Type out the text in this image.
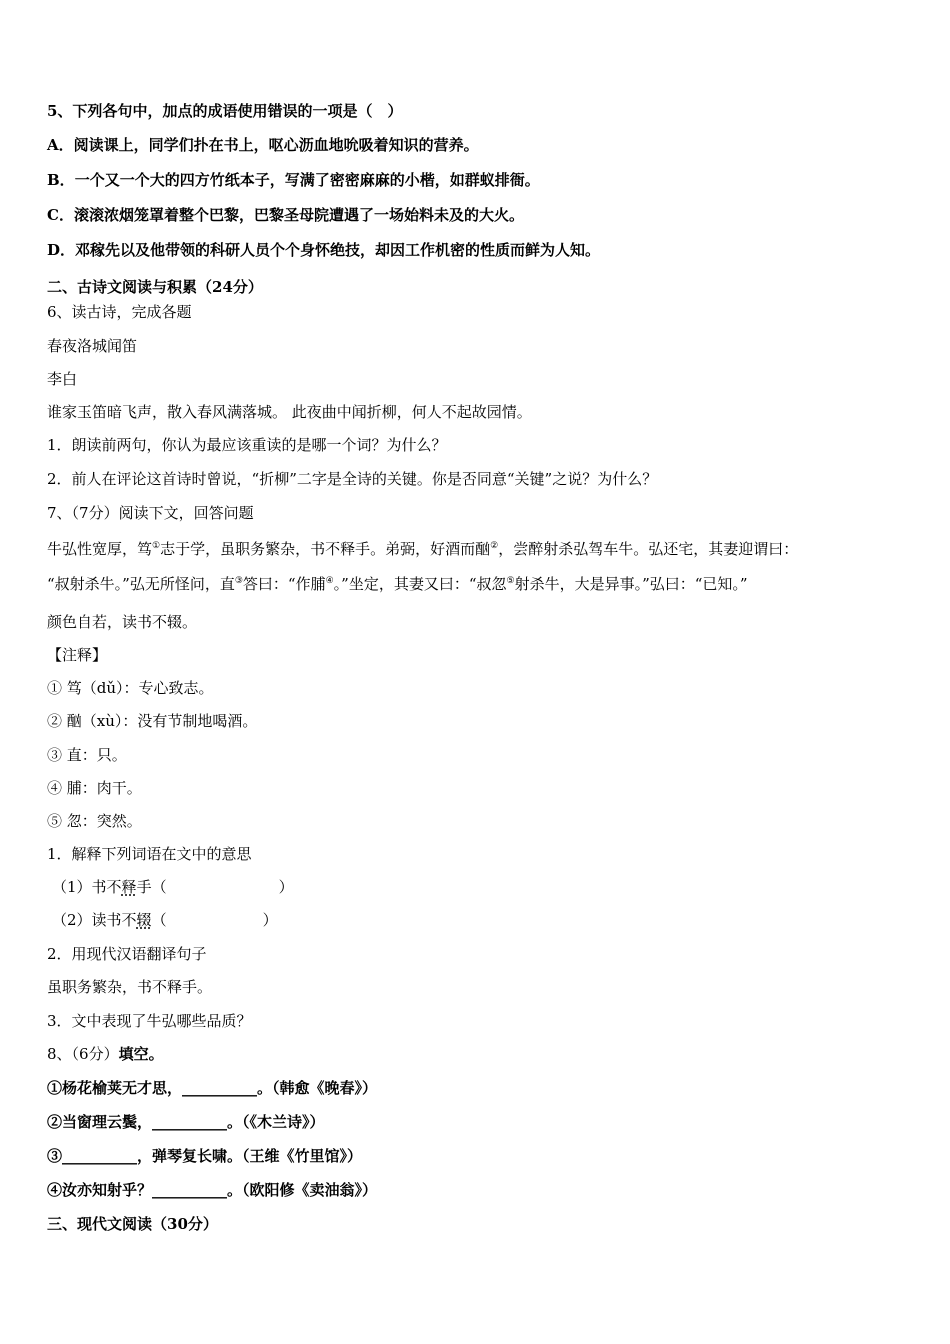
5、下列各句中，加点的成语使用错误的一项是（　）
A．阅读课上，同学们扑在书上，呕心沥血地吮吸着知识的营养。
B．一个又一个大的四方竹纸本子，写满了密密麻麻的小楷，如群蚁排衙。
C．滚滚浓烟笼罩着整个巴黎，巴黎圣母院遭遇了一场始料未及的大火。
D．邓稼先以及他带领的科研人员个个身怀绝技，却因工作机密的性质而鲜为人知。
二、古诗文阅读与积累（24分）
6、读古诗，完成各题
春夜洛城闻笛
李白
谁家玉笛暗飞声，散入春风满落城。 此夜曲中闻折柳，何人不起故园情。
1．朗读前两句，你认为最应该重读的是哪一个词？为什么？
2．前人在评论这首诗时曾说，“折柳”二字是全诗的关键。你是否同意“关键”之说？为什么？
7、（7分）阅读下文，回答问题
牛弘性宽厚，笃①志于学，虽职务繁杂，书不释手。弟弼，好酒而酗②，尝醉射杀弘驾车牛。弘还宅，其妻迎谓曰：
“叔射杀牛。”弘无所怪问，直③答曰：“作脯④。”坐定，其妻又曰：“叔忽⑤射杀牛，大是异事。”弘曰：“已知。”
颜色自若，读书不辍。
【注释】
① 笃（dǔ）：专心致志。
② 酗（xù）：没有节制地喝酒。
③ 直：只。
④ 脯：肉干。
⑤ 忽：突然。
1．解释下列词语在文中的意思
（1）书不释手（	）
（2）读书不辍（	）
2．用现代汉语翻译句子
虽职务繁杂，书不释手。
3．文中表现了牛弘哪些品质？
8、（6分）填空。
①杨花榆荚无才思，__________。（韩愈《晚春》）
②当窗理云鬓，__________。（《木兰诗》）
③__________，弹琴复长啸。（王维《竹里馆》）
④汝亦知射乎？__________。（欧阳修《卖油翁》）
三、现代文阅读（30分）
